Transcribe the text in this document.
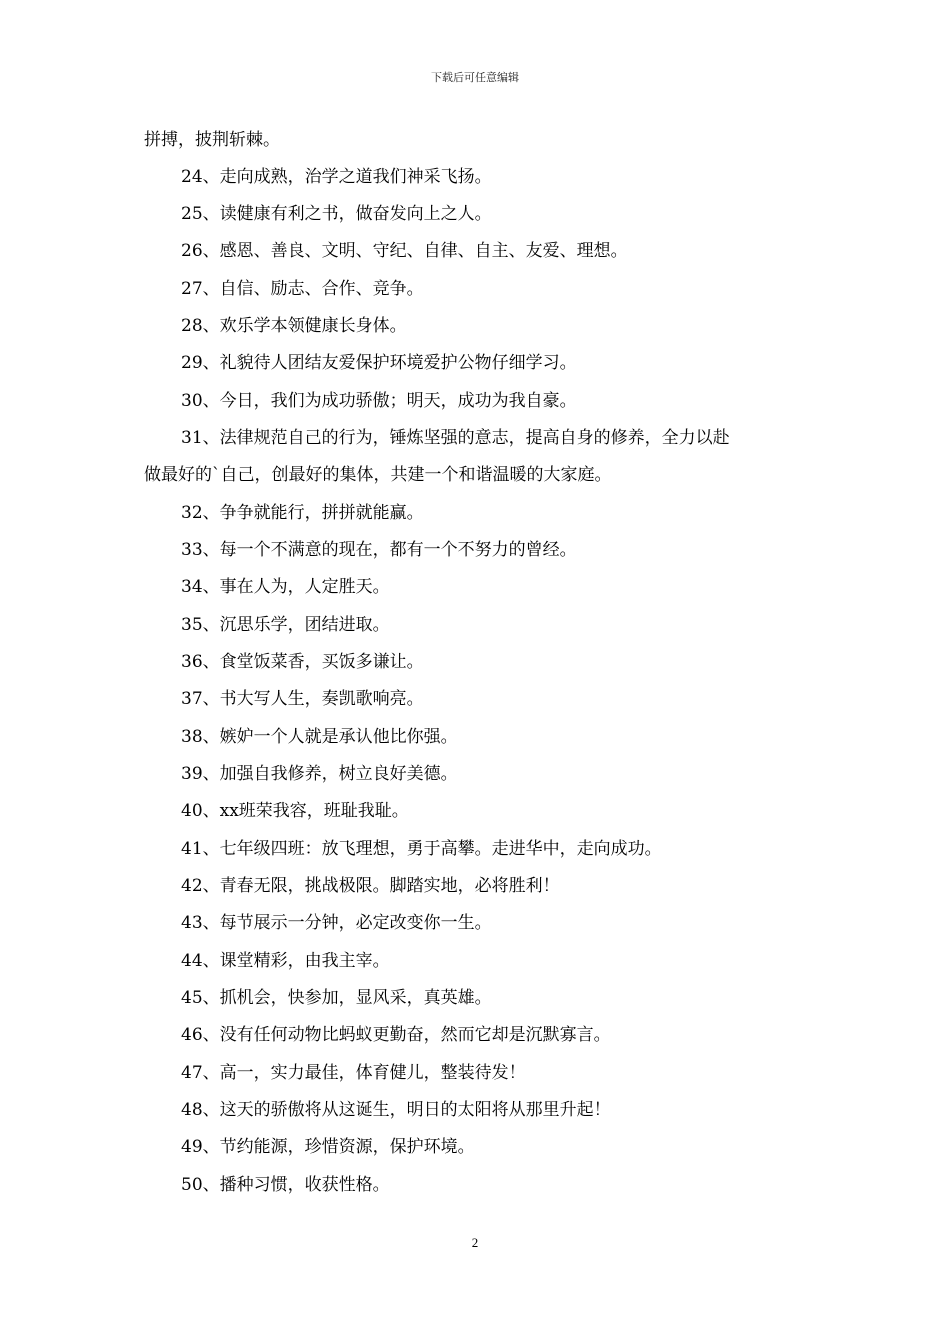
下载后可任意编辑
拼搏，披荆斩棘。
24、走向成熟，治学之道我们神采飞扬。
25、读健康有利之书，做奋发向上之人。
26、感恩、善良、文明、守纪、自律、自主、友爱、理想。
27、自信、励志、合作、竞争。
28、欢乐学本领健康长身体。
29、礼貌待人团结友爱保护环境爱护公物仔细学习。
30、今日，我们为成功骄傲；明天，成功为我自豪。
31、法律规范自己的行为，锤炼坚强的意志，提高自身的修养，全力以赴
做最好的`自己，创最好的集体，共建一个和谐温暖的大家庭。
32、争争就能行，拼拼就能赢。
33、每一个不满意的现在，都有一个不努力的曾经。
34、事在人为，人定胜天。
35、沉思乐学，团结进取。
36、食堂饭菜香，买饭多谦让。
37、书大写人生，奏凯歌响亮。
38、嫉妒一个人就是承认他比你强。
39、加强自我修养，树立良好美德。
40、xx班荣我容，班耻我耻。
41、七年级四班：放飞理想，勇于高攀。走进华中，走向成功。
42、青春无限，挑战极限。脚踏实地，必将胜利！
43、每节展示一分钟，必定改变你一生。
44、课堂精彩，由我主宰。
45、抓机会，快参加，显风采，真英雄。
46、没有任何动物比蚂蚁更勤奋，然而它却是沉默寡言。
47、高一，实力最佳，体育健儿，整装待发！
48、这天的骄傲将从这诞生，明日的太阳将从那里升起！
49、节约能源，珍惜资源，保护环境。
50、播种习惯，收获性格。
2
